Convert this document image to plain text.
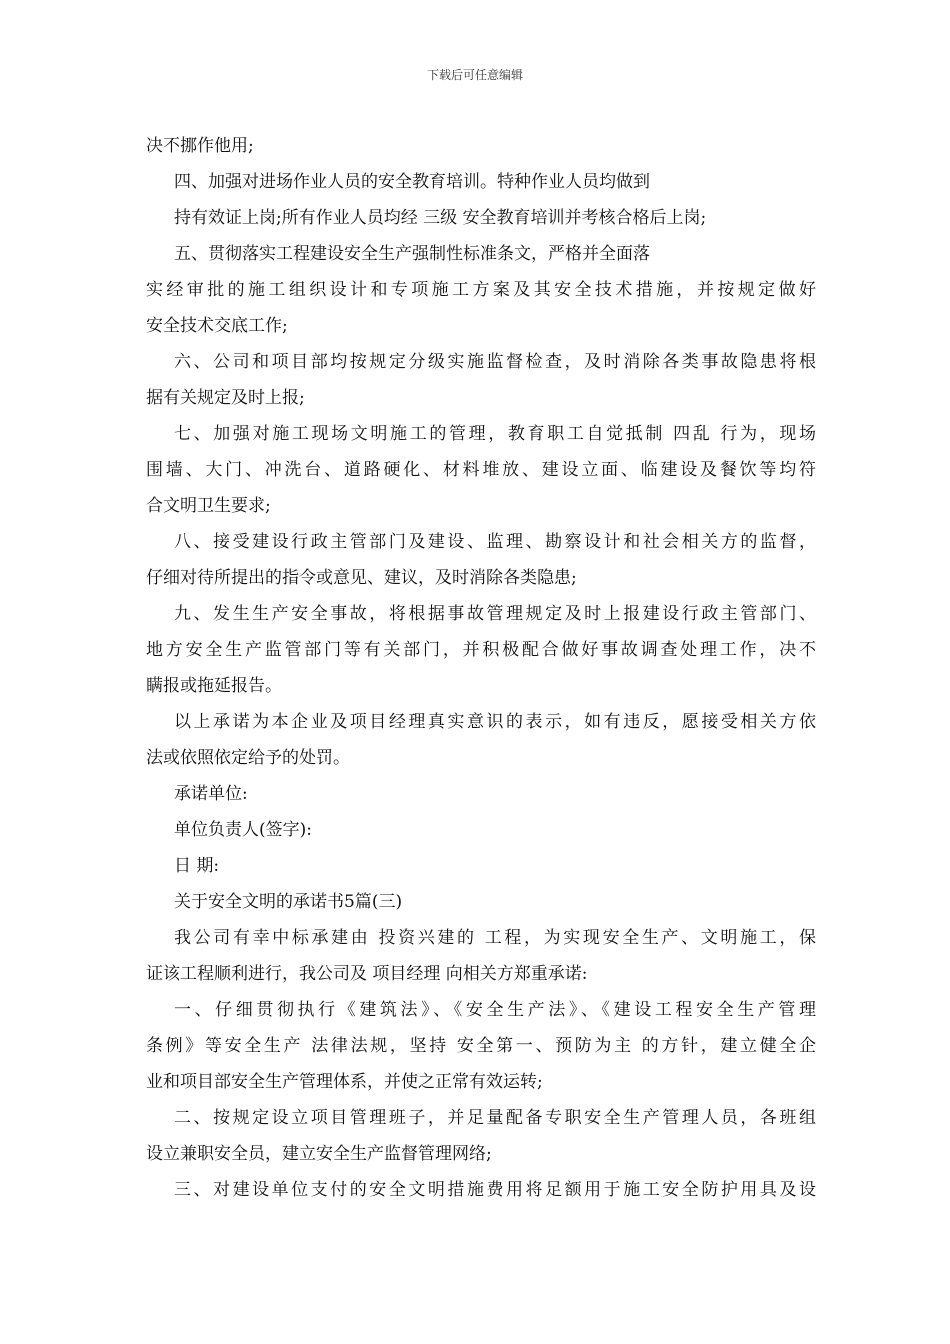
下载后可任意编辑
决不挪作他用;
四、加强对进场作业人员的安全教育培训。特种作业人员均做到
持有效证上岗;所有作业人员均经 三级 安全教育培训并考核合格后上岗;
五、贯彻落实工程建设安全生产强制性标准条文，严格并全面落
实经审批的施工组织设计和专项施工方案及其安全技术措施，并按规定做好
安全技术交底工作;
六、公司和项目部均按规定分级实施监督检查，及时消除各类事故隐患将根
据有关规定及时上报;
七、加强对施工现场文明施工的管理，教育职工自觉抵制 四乱 行为，现场
围墙、大门、冲洗台、道路硬化、材料堆放、建设立面、临建设及餐饮等均符
合文明卫生要求;
八、接受建设行政主管部门及建设、监理、勘察设计和社会相关方的监督，
仔细对待所提出的指令或意见、建议，及时消除各类隐患;
九、发生生产安全事故，将根据事故管理规定及时上报建设行政主管部门、
地方安全生产监管部门等有关部门，并积极配合做好事故调查处理工作，决不
瞒报或拖延报告。
以上承诺为本企业及项目经理真实意识的表示，如有违反，愿接受相关方依
法或依照依定给予的处罚。
承诺单位:
单位负责人(签字):
日 期:
关于安全文明的承诺书5篇(三)
我公司有幸中标承建由 投资兴建的 工程，为实现安全生产、文明施工，保
证该工程顺利进行，我公司及 项目经理 向相关方郑重承诺:
一、仔细贯彻执行《建筑法》、《安全生产法》、《建设工程安全生产管理
条例》等安全生产 法律法规，坚持 安全第一、预防为主 的方针，建立健全企
业和项目部安全生产管理体系，并使之正常有效运转;
二、按规定设立项目管理班子，并足量配备专职安全生产管理人员，各班组
设立兼职安全员，建立安全生产监督管理网络;
三、对建设单位支付的安全文明措施费用将足额用于施工安全防护用具及设
